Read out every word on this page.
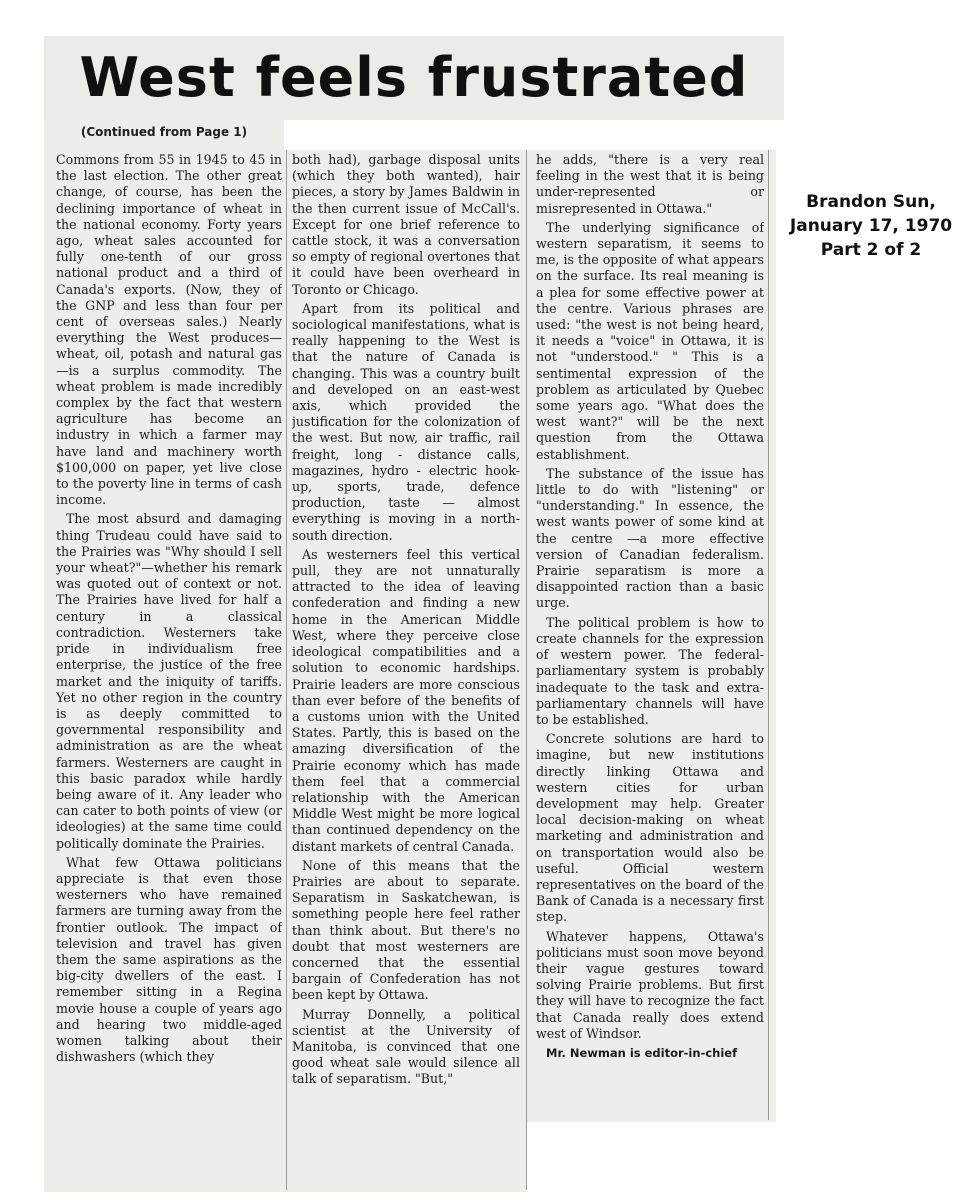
West feels frustrated
(Continued from Page 1)

Commons from 55 in 1945 to 45 in the last election. The other great change, of course, has been the declining importance of wheat in the national economy. Forty years ago, wheat sales accounted for fully one-tenth of our gross national product and a third of Canada's exports. (Now, they of the GNP and less than four per cent of overseas sales.) Nearly everything the West produces—wheat, oil, potash and natural gas—is a surplus commodity. The wheat problem is made incredibly complex by the fact that western agriculture has become an industry in which a farmer may have land and machinery worth $100,000 on paper, yet live close to the poverty line in terms of cash income.

The most absurd and damaging thing Trudeau could have said to the Prairies was "Why should I sell your wheat?"—whether his remark was quoted out of context or not. The Prairies have lived for half a century in a classical contradiction. Westerners take pride in individualism free enterprise, the justice of the free market and the iniquity of tariffs. Yet no other region in the country is as deeply committed to governmental responsibility and administration as are the wheat farmers. Westerners are caught in this basic paradox while hardly being aware of it. Any leader who can cater to both points of view (or ideologies) at the same time could politically dominate the Prairies.

What few Ottawa politicians appreciate is that even those westerners who have remained farmers are turning away from the frontier outlook. The impact of television and travel has given them the same aspirations as the big-city dwellers of the east. I remember sitting in a Regina movie house a couple of years ago and hearing two middle-aged women talking about their dishwashers (which they

both had), garbage disposal units (which they both wanted), hair pieces, a story by James Baldwin in the then current issue of McCall's. Except for one brief reference to cattle stock, it was a conversation so empty of regional overtones that it could have been overheard in Toronto or Chicago.

Apart from its political and sociological manifestations, what is really happening to the West is that the nature of Canada is changing. This was a country built and developed on an east-west axis, which provided the justification for the colonization of the west. But now, air traffic, rail freight, long - distance calls, magazines, hydro - electric hook-up, sports, trade, defence production, taste — almost everything is moving in a north-south direction.

As westerners feel this vertical pull, they are not unnaturally attracted to the idea of leaving confederation and finding a new home in the American Middle West, where they perceive close ideological compatibilities and a solution to economic hardships. Prairie leaders are more conscious than ever before of the benefits of a customs union with the United States. Partly, this is based on the amazing diversification of the Prairie economy which has made them feel that a commercial relationship with the American Middle West might be more logical than continued dependency on the distant markets of central Canada.

None of this means that the Prairies are about to separate. Separatism in Saskatchewan, is something people here feel rather than think about. But there's no doubt that most westerners are concerned that the essential bargain of Confederation has not been kept by Ottawa.

Murray Donnelly, a political scientist at the University of Manitoba, is convinced that one good wheat sale would silence all talk of separatism. "But,"

he adds, "there is a very real feeling in the west that it is being under-represented or misrepresented in Ottawa."

The underlying significance of western separatism, it seems to me, is the opposite of what appears on the surface. Its real meaning is a plea for some effective power at the centre. Various phrases are used: "the west is not being heard, it needs a "voice" in Ottawa, it is not "understood." " This is a sentimental expression of the problem as articulated by Quebec some years ago. "What does the west want?" will be the next question from the Ottawa establishment.

The substance of the issue has little to do with "listening" or "understanding." In essence, the west wants power of some kind at the centre —a more effective version of Canadian federalism. Prairie separatism is more a disappointed raction than a basic urge.

The political problem is how to create channels for the expression of western power. The federal-parliamentary system is probably inadequate to the task and extra-parliamentary channels will have to be established.

Concrete solutions are hard to imagine, but new institutions directly linking Ottawa and western cities for urban development may help. Greater local decision-making on wheat marketing and administration and on transportation would also be useful. Official western representatives on the board of the Bank of Canada is a necessary first step.

Whatever happens, Ottawa's politicians must soon move beyond their vague gestures toward solving Prairie problems. But first they will have to recognize the fact that Canada really does extend west of Windsor.

Mr. Newman is editor-in-chief

Brandon Sun,
January 17, 1970
Part 2 of 2
